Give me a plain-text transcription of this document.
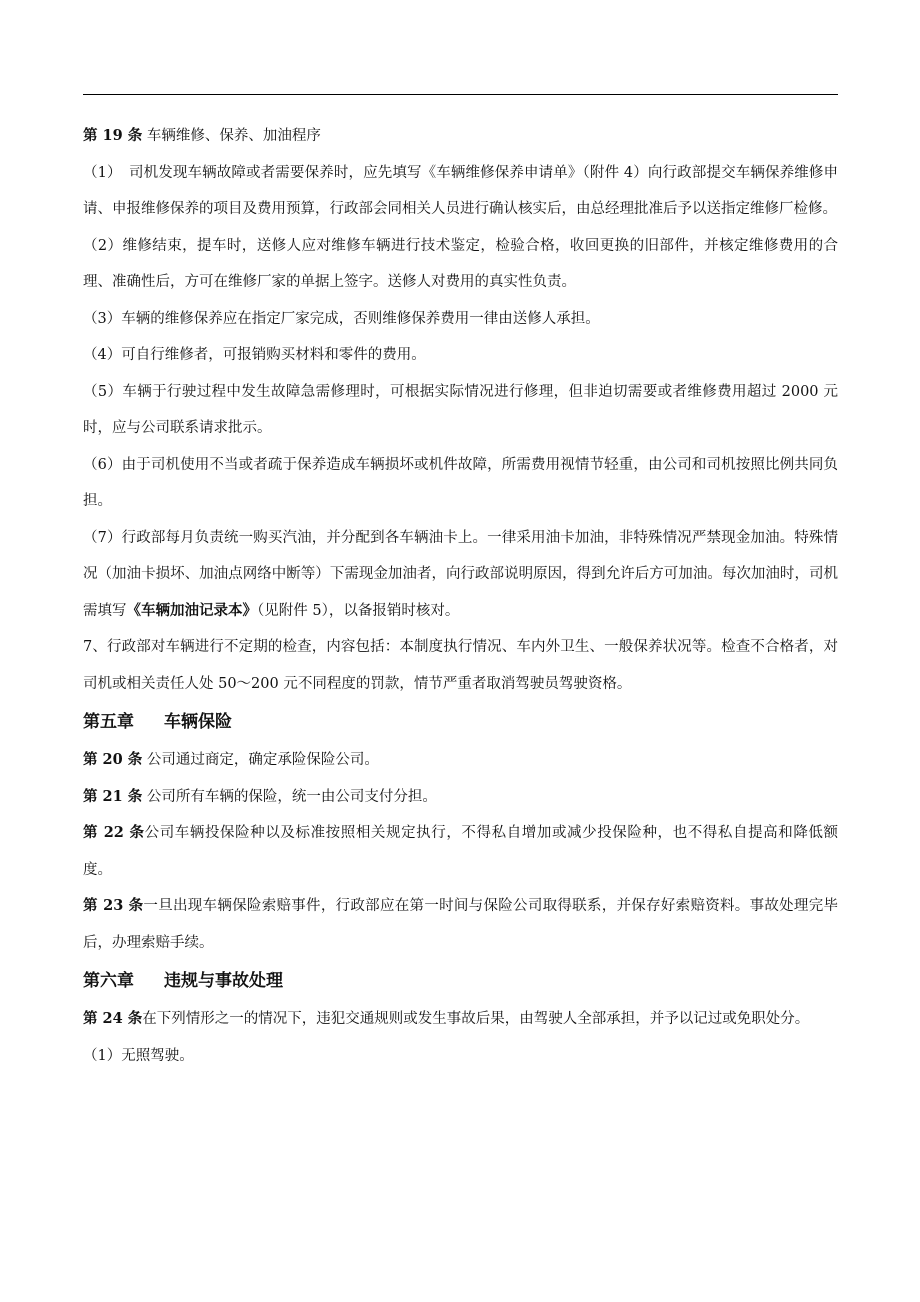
第 19 条 车辆维修、保养、加油程序
（1）　司机发现车辆故障或者需要保养时，应先填写《车辆维修保养申请单》（附件 4）向行政部提交车辆保养维修申请、申报维修保养的项目及费用预算，行政部会同相关人员进行确认核实后，由总经理批准后予以送指定维修厂检修。
（2）维修结束，提车时，送修人应对维修车辆进行技术鉴定，检验合格，收回更换的旧部件，并核定维修费用的合理、准确性后，方可在维修厂家的单据上签字。送修人对费用的真实性负责。
（3）车辆的维修保养应在指定厂家完成，否则维修保养费用一律由送修人承担。
（4）可自行维修者，可报销购买材料和零件的费用。
（5）车辆于行驶过程中发生故障急需修理时，可根据实际情况进行修理，但非迫切需要或者维修费用超过 2000 元时，应与公司联系请求批示。
（6）由于司机使用不当或者疏于保养造成车辆损坏或机件故障，所需费用视情节轻重，由公司和司机按照比例共同负担。
（7）行政部每月负责统一购买汽油，并分配到各车辆油卡上。一律采用油卡加油，非特殊情况严禁现金加油。特殊情况（加油卡损坏、加油点网络中断等）下需现金加油者，向行政部说明原因，得到允许后方可加油。每次加油时，司机需填写《车辆加油记录本》（见附件 5），以备报销时核对。
7、行政部对车辆进行不定期的检查，内容包括：本制度执行情况、车内外卫生、一般保养状况等。检查不合格者，对司机或相关责任人处 50～200 元不同程度的罚款，情节严重者取消驾驶员驾驶资格。
第五章 车辆保险
第 20 条 公司通过商定，确定承险保险公司。
第 21 条 公司所有车辆的保险，统一由公司支付分担。
第 22 条公司车辆投保险种以及标准按照相关规定执行，不得私自增加或减少投保险种，也不得私自提高和降低额度。
第 23 条一旦出现车辆保险索赔事件，行政部应在第一时间与保险公司取得联系，并保存好索赔资料。事故处理完毕后，办理索赔手续。
第六章 违规与事故处理
第 24 条在下列情形之一的情况下，违犯交通规则或发生事故后果，由驾驶人全部承担，并予以记过或免职处分。
（1）无照驾驶。
